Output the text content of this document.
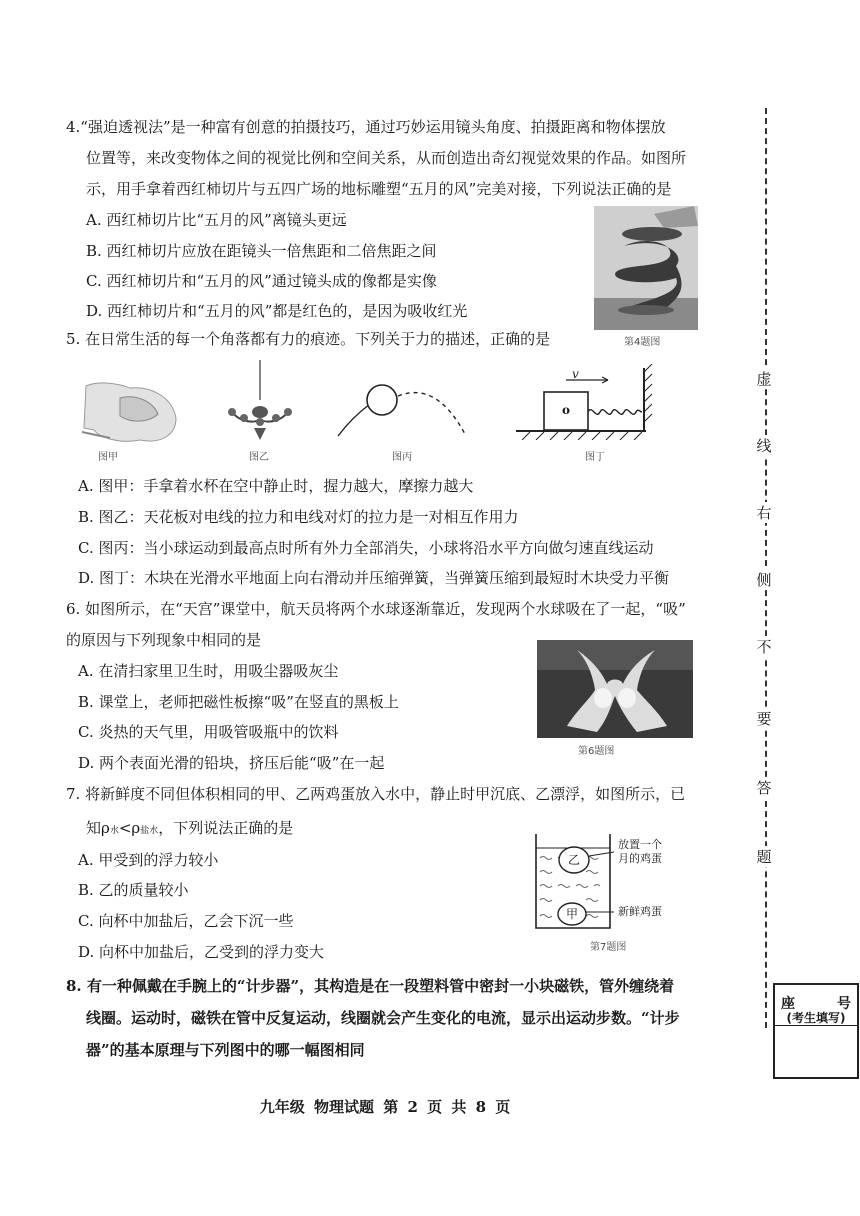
4.“强迫透视法”是一种富有创意的拍摄技巧，通过巧妙运用镜头角度、拍摄距离和物体摆放
位置等，来改变物体之间的视觉比例和空间关系，从而创造出奇幻视觉效果的作品。如图所
示，用手拿着西红柿切片与五四广场的地标雕塑“五月的风”完美对接，下列说法正确的是
A. 西红柿切片比“五月的风”离镜头更远
B. 西红柿切片应放在距镜头一倍焦距和二倍焦距之间
C. 西红柿切片和“五月的风”通过镜头成的像都是实像
D. 西红柿切片和“五月的风”都是红色的，是因为吸收红光
第4题图
5. 在日常生活的每一个角落都有力的痕迹。下列关于力的描述，正确的是
图甲	图乙	图丙
v
o
图丁
A. 图甲：手拿着水杯在空中静止时，握力越大，摩擦力越大
B. 图乙：天花板对电线的拉力和电线对灯的拉力是一对相互作用力
C. 图丙：当小球运动到最高点时所有外力全部消失，小球将沿水平方向做匀速直线运动
D. 图丁：木块在光滑水平地面上向右滑动并压缩弹簧，当弹簧压缩到最短时木块受力平衡
6. 如图所示，在“天宫”课堂中，航天员将两个水球逐渐靠近，发现两个水球吸在了一起，“吸”
的原因与下列现象中相同的是
A. 在清扫家里卫生时，用吸尘器吸灰尘
B. 课堂上，老师把磁性板擦“吸”在竖直的黑板上
C. 炎热的天气里，用吸管吸瓶中的饮料
D. 两个表面光滑的铅块，挤压后能“吸”在一起
第6题图
7. 将新鲜度不同但体积相同的甲、乙两鸡蛋放入水中，静止时甲沉底、乙漂浮，如图所示，已
知ρ水<ρ盐水，下列说法正确的是
A. 甲受到的浮力较小
B. 乙的质量较小
C. 向杯中加盐后，乙会下沉一些
D. 向杯中加盐后，乙受到的浮力变大
乙
甲
放置一个
月的鸡蛋
新鲜鸡蛋
第7题图
8. 有一种佩戴在手腕上的“计步器”，其构造是在一段塑料管中密封一小块磁铁，管外缠绕着
线圈。运动时，磁铁在管中反复运动，线圈就会产生变化的电流，显示出运动步数。“计步
器”的基本原理与下列图中的哪一幅图相同
虚
线
右
侧
不
要
答
题
座	号
(考生填写)
九年级 物理试题 第 2 页 共 8 页
